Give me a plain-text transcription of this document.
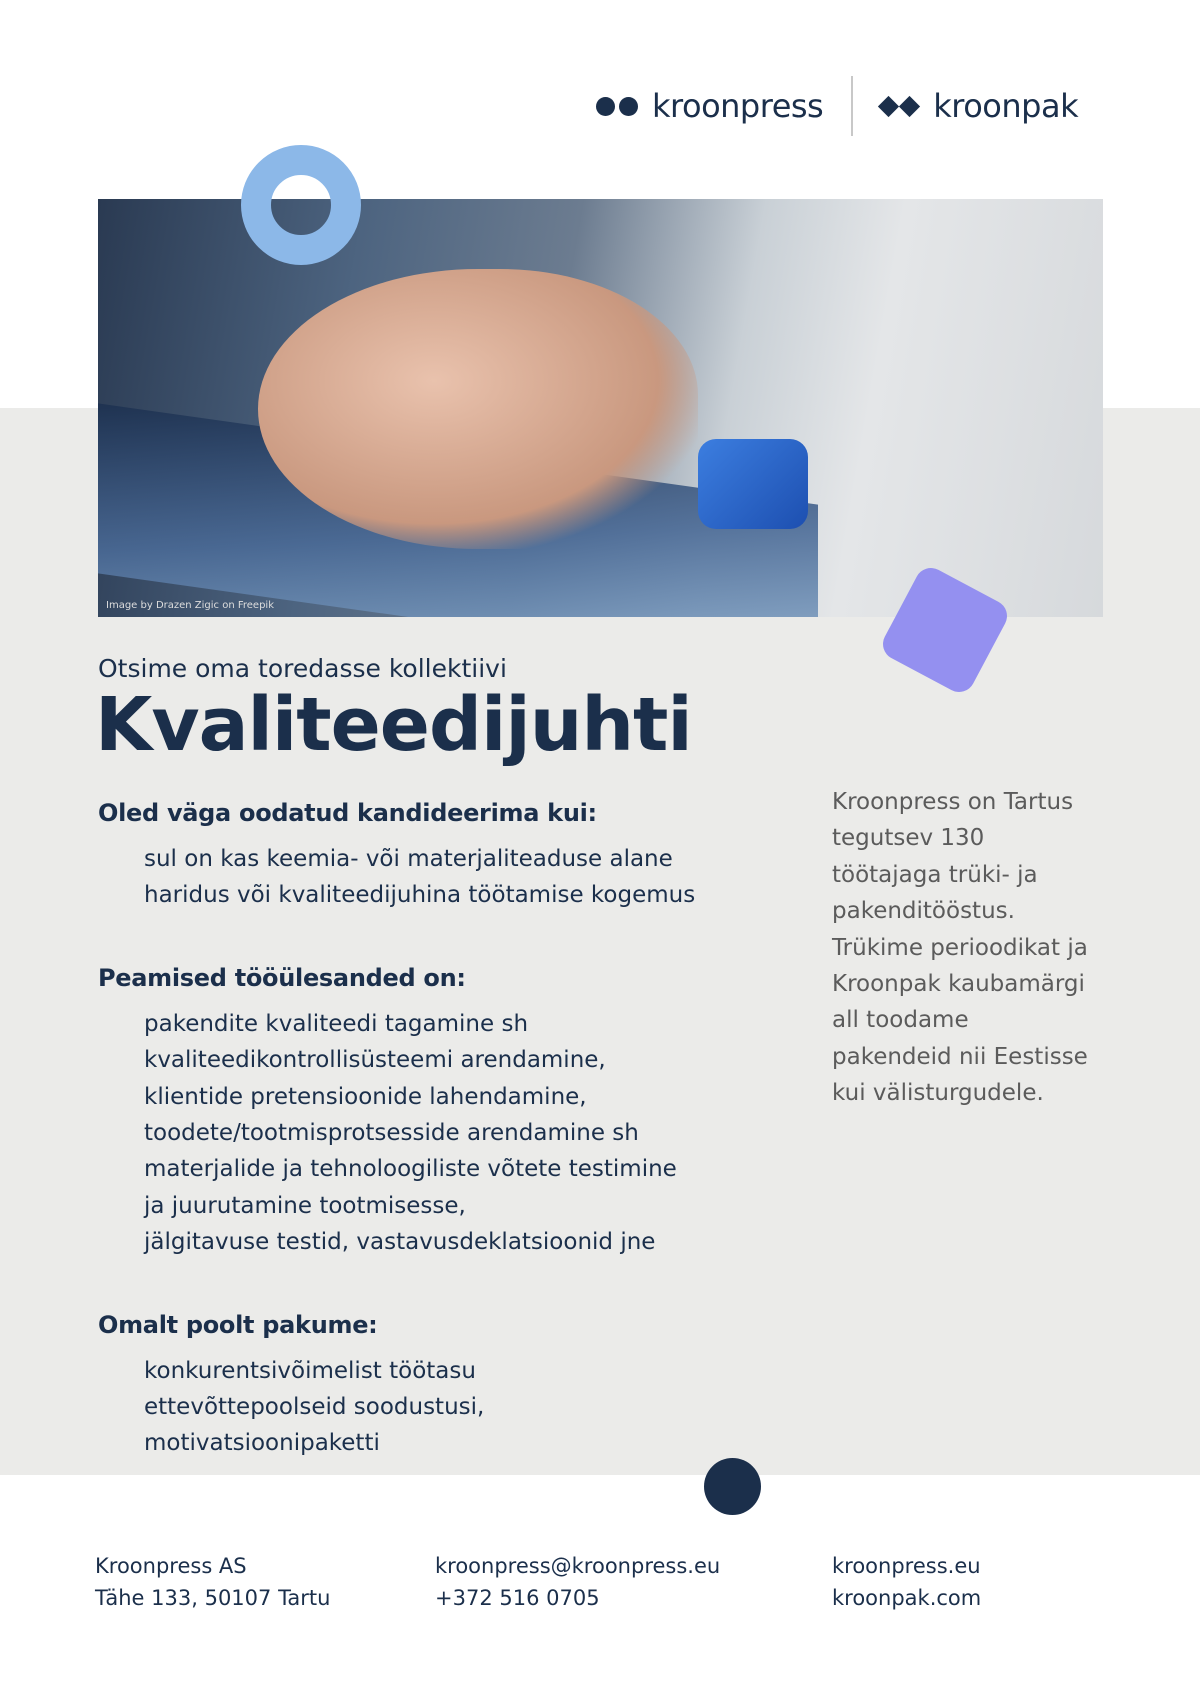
kroonpress	kroonpak
Image by Drazen Zigic on Freepik
Otsime oma toredasse kollektiivi
Kvaliteedijuhti
Oled väga oodatud kandideerima kui:
sul on kas keemia- või materjaliteaduse alane
haridus või kvaliteedijuhina töötamise kogemus
Peamised tööülesanded on:
pakendite kvaliteedi tagamine sh
kvaliteedikontrollisüsteemi arendamine,
klientide pretensioonide lahendamine,
toodete/tootmisprotsesside arendamine sh
materjalide ja tehnoloogiliste võtete testimine
ja juurutamine tootmisesse,
jälgitavuse testid, vastavusdeklatsioonid jne
Omalt poolt pakume:
konkurentsivõimelist töötasu
ettevõttepoolseid soodustusi,
motivatsioonipaketti
Kroonpress on Tartus
tegutsev 130
töötajaga trüki- ja
pakenditööstus.
Trükime perioodikat ja
Kroonpak kaubamärgi
all toodame
pakendeid nii Eestisse
kui välisturgudele.
Kroonpress AS
Tähe 133, 50107 Tartu
kroonpress@kroonpress.eu
+372 516 0705
kroonpress.eu
kroonpak.com
